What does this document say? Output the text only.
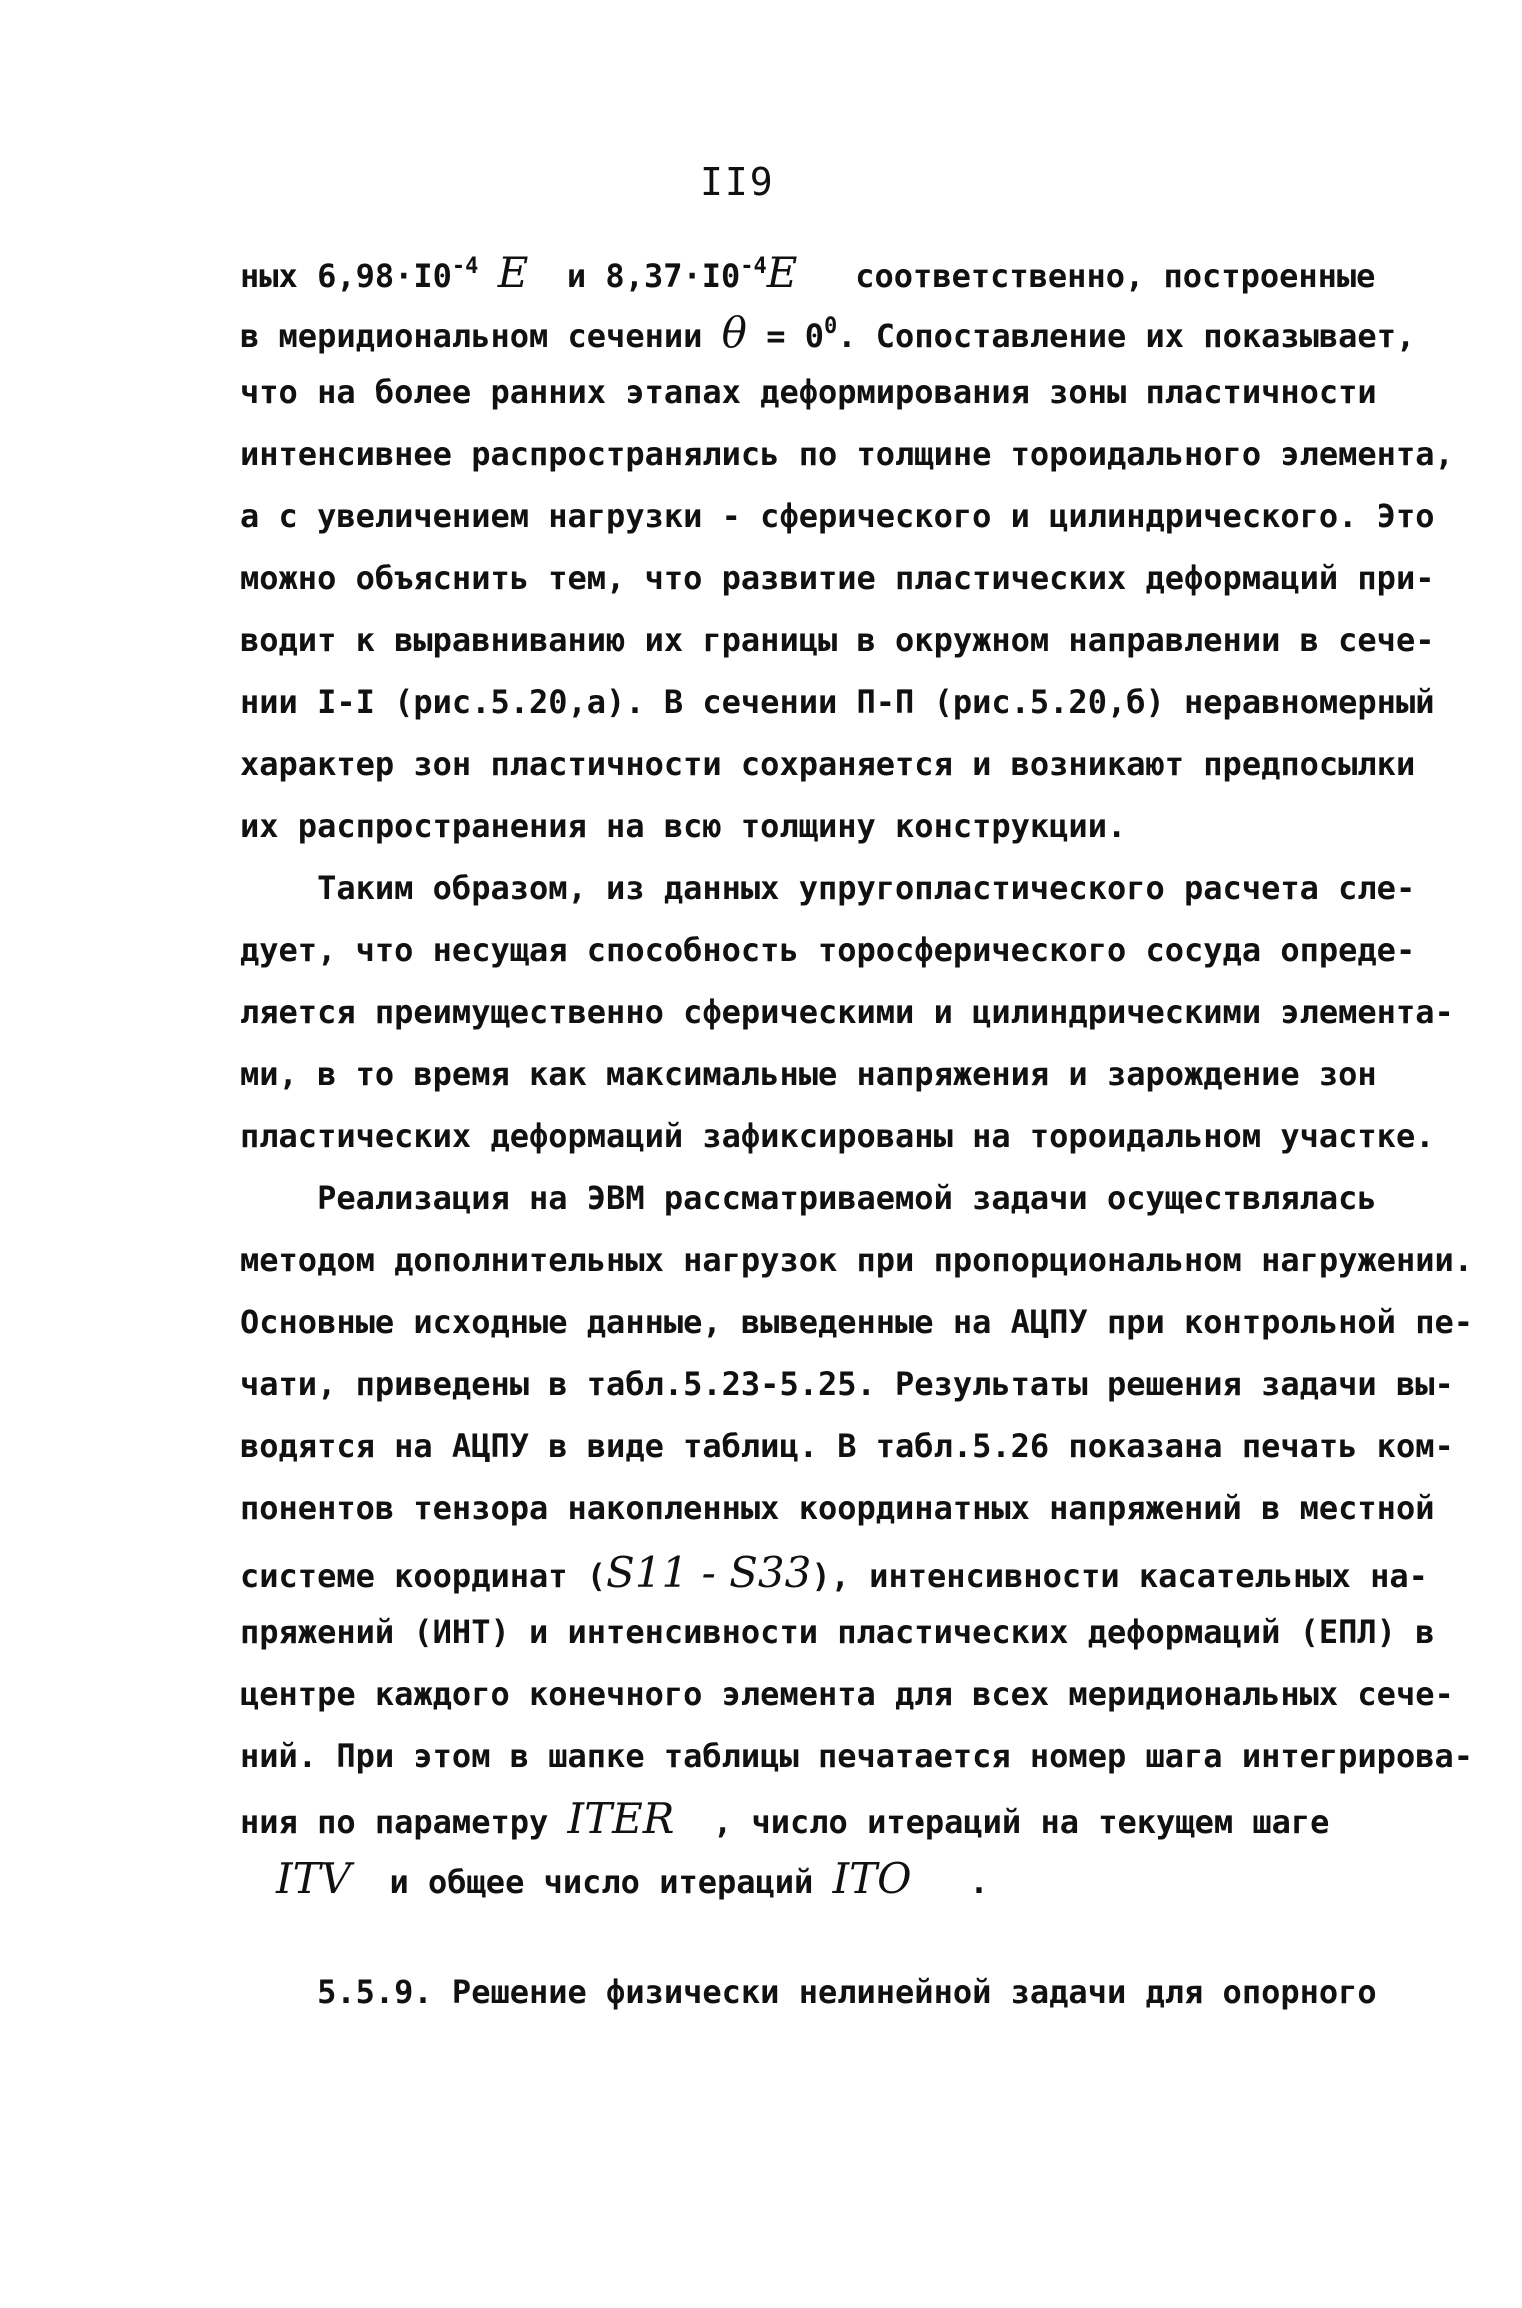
II9
ных $6,98\cdot I0^{-4}$ E  и $8,37\cdot I0^{-4}E$   соответственно, построенные
в меридиональном сечении $\theta = 0^0$. Сопоставление их показывает,
что на более ранних этапах деформирования зоны пластичности
интенсивнее распространялись по толщине тороидального элемента,
а с увеличением нагрузки - сферического и цилиндрического. Это
можно объяснить тем, что развитие пластических деформаций при-
водит к выравниванию их границы в окружном направлении в сече-
нии I-I (рис.5.20,а). В сечении П-П (рис.5.20,б) неравномерный
характер зон пластичности сохраняется и возникают предпосылки
их распространения на всю толщину конструкции.
Таким образом, из данных упругопластического расчета сле-
дует, что несущая способность торосферического сосуда опреде-
ляется преимущественно сферическими и цилиндрическими элемента-
ми, в то время как максимальные напряжения и зарождение зон
пластических деформаций зафиксированы на тороидальном участке.
Реализация на ЭВМ рассматриваемой задачи осуществлялась
методом дополнительных нагрузок при пропорциональном нагружении.
Основные исходные данные, выведенные на АЦПУ при контрольной пе-
чати, приведены в табл.5.23-5.25. Результаты решения задачи вы-
водятся на АЦПУ в виде таблиц. В табл.5.26 показана печать ком-
понентов тензора накопленных координатных напряжений в местной
системе координат (S11 - S33), интенсивности касательных на-
пряжений (ИНТ) и интенсивности пластических деформаций (ЕПЛ) в
центре каждого конечного элемента для всех меридиональных сече-
ний. При этом в шапке таблицы печатается номер шага интегрирова-
ния по параметру ITER  , число итераций на текущем шаге
ITV  и общее число итераций ITO   .
5.5.9. Решение физически нелинейной задачи для опорного
